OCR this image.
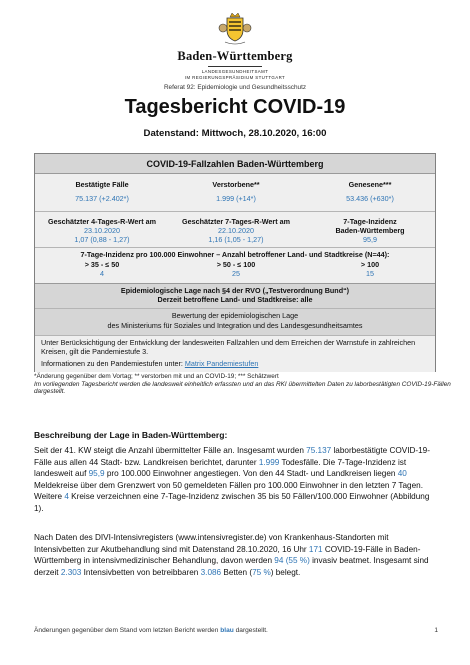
Baden-Württemberg
LANDESGESUNDHEITSAMT
IM REGIERUNGSPRÄSIDIUM STUTTGART
Referat 92: Epidemiologie und Gesundheitsschutz
Tagesbericht COVID-19
Datenstand: Mittwoch, 28.10.2020, 16:00
COVID-19-Fallzahlen Baden-Württemberg
Bestätigte Fälle
75.137 (+2.402*)
Verstorbene**
1.999 (+14*)
Genesene***
53.436 (+630*)
Geschätzter 4-Tages-R-Wert am
23.10.2020
1,07 (0,88 - 1,27)
Geschätzter 7-Tages-R-Wert am
22.10.2020
1,16 (1,05 - 1,27)
7-Tage-Inzidenz
Baden-Württemberg
95,9
7-Tage-Inzidenz pro 100.000 Einwohner – Anzahl betroffener Land- und Stadtkreise (N=44):
> 35 - ≤ 50
4
> 50 - ≤ 100
25
> 100
15
Epidemiologische Lage nach §4 der RVO („Testverordnung Bund“)
Derzeit betroffene Land- und Stadtkreise: alle
Bewertung der epidemiologischen Lage
des Ministeriums für Soziales und Integration und des Landesgesundheitsamtes
Unter Berücksichtigung der Entwicklung der landesweiten Fallzahlen und dem Erreichen der Warnstufe in zahlreichen Kreisen, gilt die Pandemiestufe 3.
Informationen zu den Pandemiestufen unter: Matrix Pandemiestufen
*Änderung gegenüber dem Vortag; ** verstorben mit und an COVID-19; *** Schätzwert
Im vorliegenden Tagesbericht werden die landesweit einheitlich erfassten und an das RKI übermittelten Daten zu laborbestätigten COVID-19-Fällen dargestellt.
Beschreibung der Lage in Baden-Württemberg:
Seit der 41. KW steigt die Anzahl übermittelter Fälle an. Insgesamt wurden 75.137 laborbestätigte COVID-19-Fälle aus allen 44 Stadt- bzw. Landkreisen berichtet, darunter 1.999 Todesfälle. Die 7-Tage-Inzidenz ist landesweit auf 95,9 pro 100.000 Einwohner angestiegen. Von den 44 Stadt- und Landkreisen liegen 40 Meldekreise über dem Grenzwert von 50 gemeldeten Fällen pro 100.000 Einwohner in den letzten 7 Tagen. Weitere 4 Kreise verzeichnen eine 7-Tage-Inzidenz zwischen 35 bis 50 Fällen/100.000 Einwohner (Abbildung 1).
Nach Daten des DIVI-Intensivregisters (www.intensivregister.de) von Krankenhaus-Standorten mit Intensivbetten zur Akutbehandlung sind mit Datenstand 28.10.2020, 16 Uhr 171 COVID-19-Fälle in Baden-Württemberg in intensivmedizinischer Behandlung, davon werden 94 (55 %) invasiv beatmet. Insgesamt sind derzeit 2.303 Intensivbetten von betreibbaren 3.086 Betten (75 %) belegt.
Änderungen gegenüber dem Stand vom letzten Bericht werden blau dargestellt.	1
